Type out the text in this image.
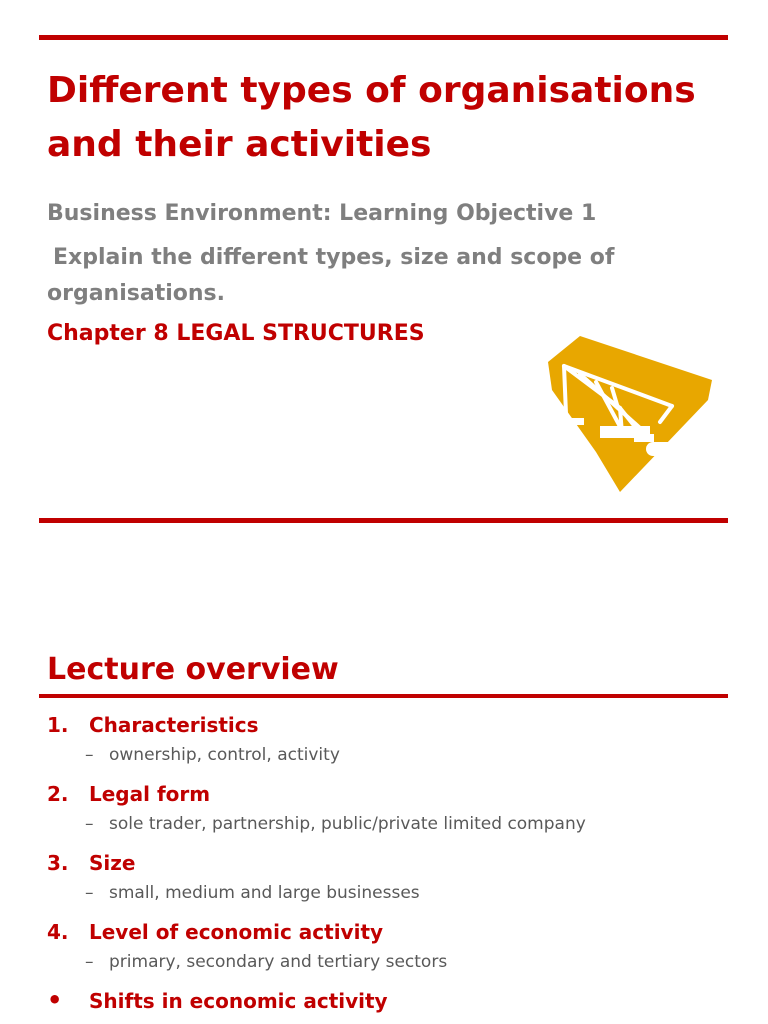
Different types of organisations and their activities

Business Environment: Learning Objective 1

Explain the different types, size and scope of organisations.

Chapter 8 LEGAL STRUCTURES

Lecture overview
1.	Characteristics
– ownership, control, activity
2.	Legal form
– sole trader, partnership, public/private limited company
3.	Size
– small, medium and large businesses
4.	Level of economic activity
– primary, secondary and tertiary sectors
•	Shifts in economic activity
